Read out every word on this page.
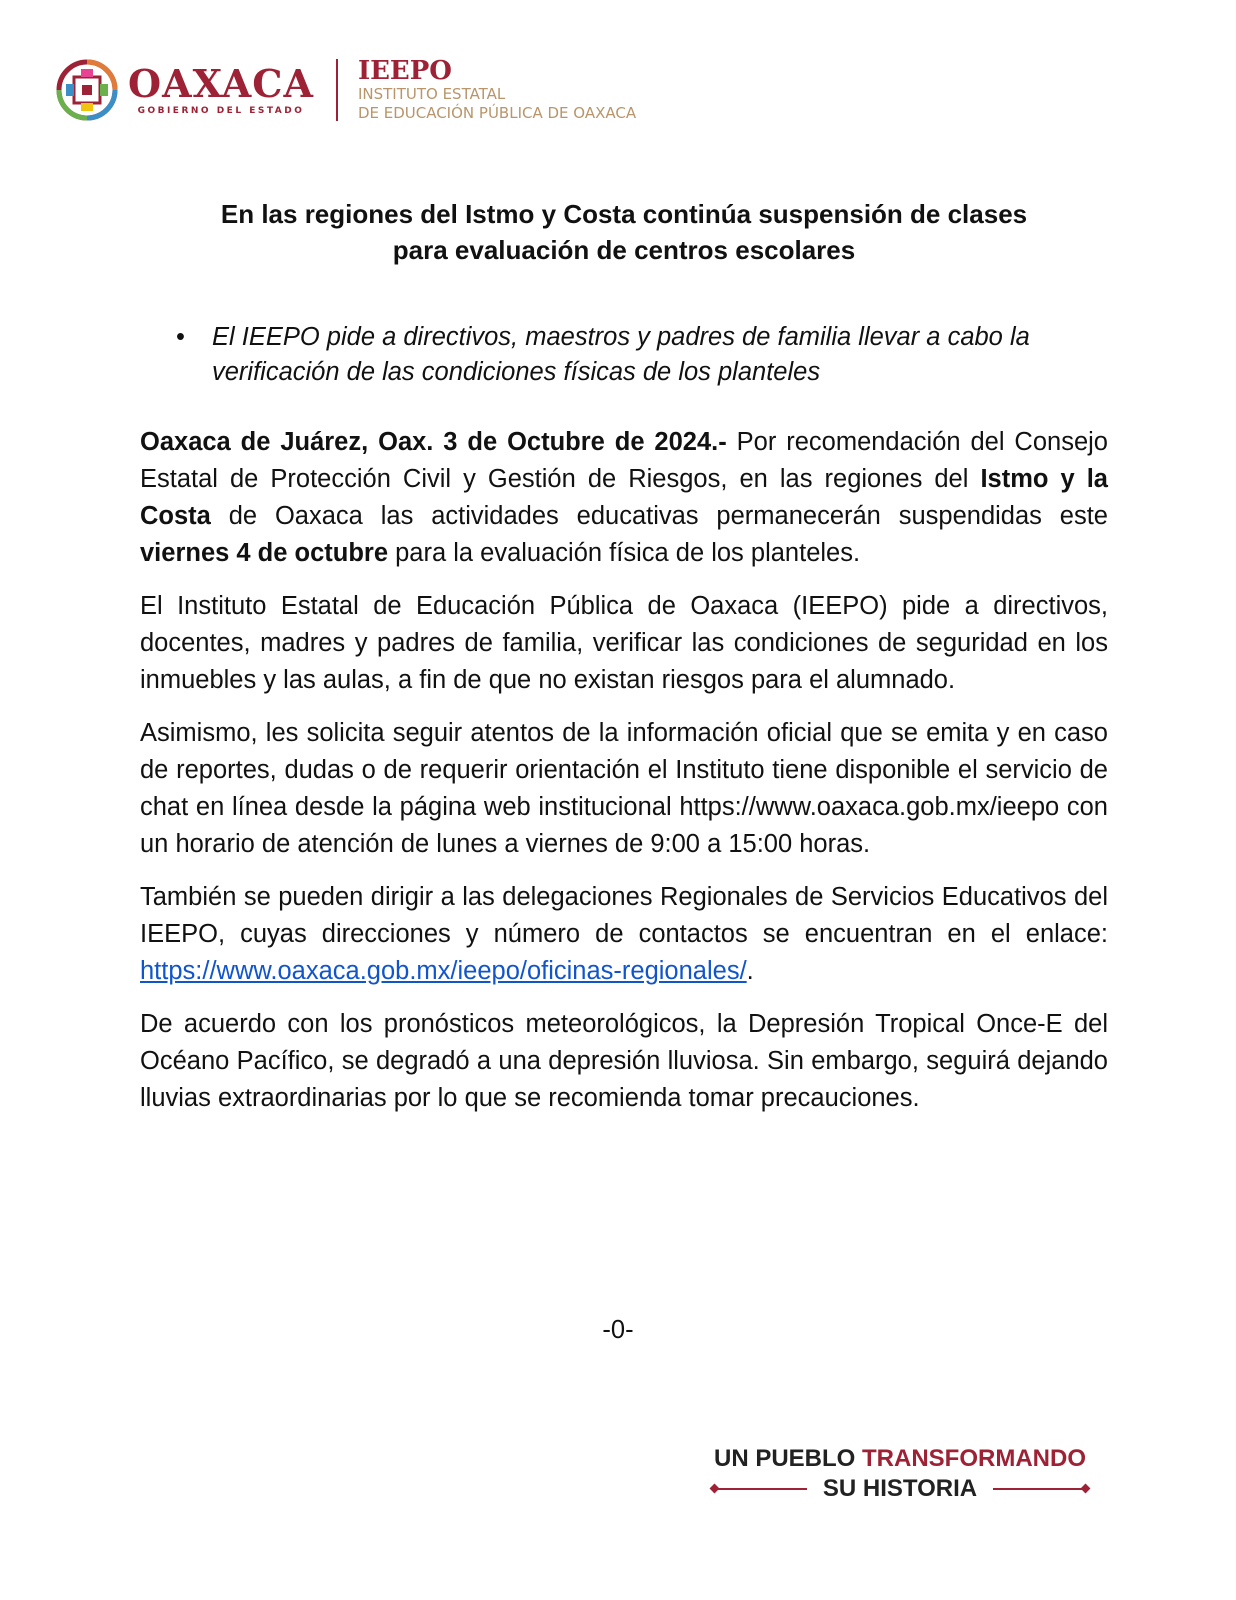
OAXACA
GOBIERNO DEL ESTADO
IEEPO
INSTITUTO ESTATAL
DE EDUCACIÓN PÚBLICA DE OAXACA
En las regiones del Istmo y Costa continúa suspensión de clases
para evaluación de centros escolares
•	El IEEPO pide a directivos, maestros y padres de familia llevar a cabo la verificación de las condiciones físicas de los planteles

Oaxaca de Juárez, Oax. 3 de Octubre de 2024.- Por recomendación del Consejo Estatal de Protección Civil y Gestión de Riesgos, en las regiones del Istmo y la Costa de Oaxaca las actividades educativas permanecerán suspendidas este viernes 4 de octubre para la evaluación física de los planteles.

El Instituto Estatal de Educación Pública de Oaxaca (IEEPO) pide a directivos, docentes, madres y padres de familia, verificar las condiciones de seguridad en los inmuebles y las aulas, a fin de que no existan riesgos para el alumnado.

Asimismo, les solicita seguir atentos de la información oficial que se emita y en caso de reportes, dudas o de requerir orientación el Instituto tiene disponible el servicio de chat en línea desde la página web institucional https://www.oaxaca.gob.mx/ieepo con un horario de atención de lunes a viernes de 9:00 a 15:00 horas.

También se pueden dirigir a las delegaciones Regionales de Servicios Educativos del IEEPO, cuyas direcciones y número de contactos se encuentran en el enlace: https://www.oaxaca.gob.mx/ieepo/oficinas-regionales/.

De acuerdo con los pronósticos meteorológicos, la Depresión Tropical Once-E del Océano Pacífico, se degradó a una depresión lluviosa. Sin embargo, seguirá dejando lluvias extraordinarias por lo que se recomienda tomar precauciones.

-0-
UN PUEBLO TRANSFORMANDO
SU HISTORIA
